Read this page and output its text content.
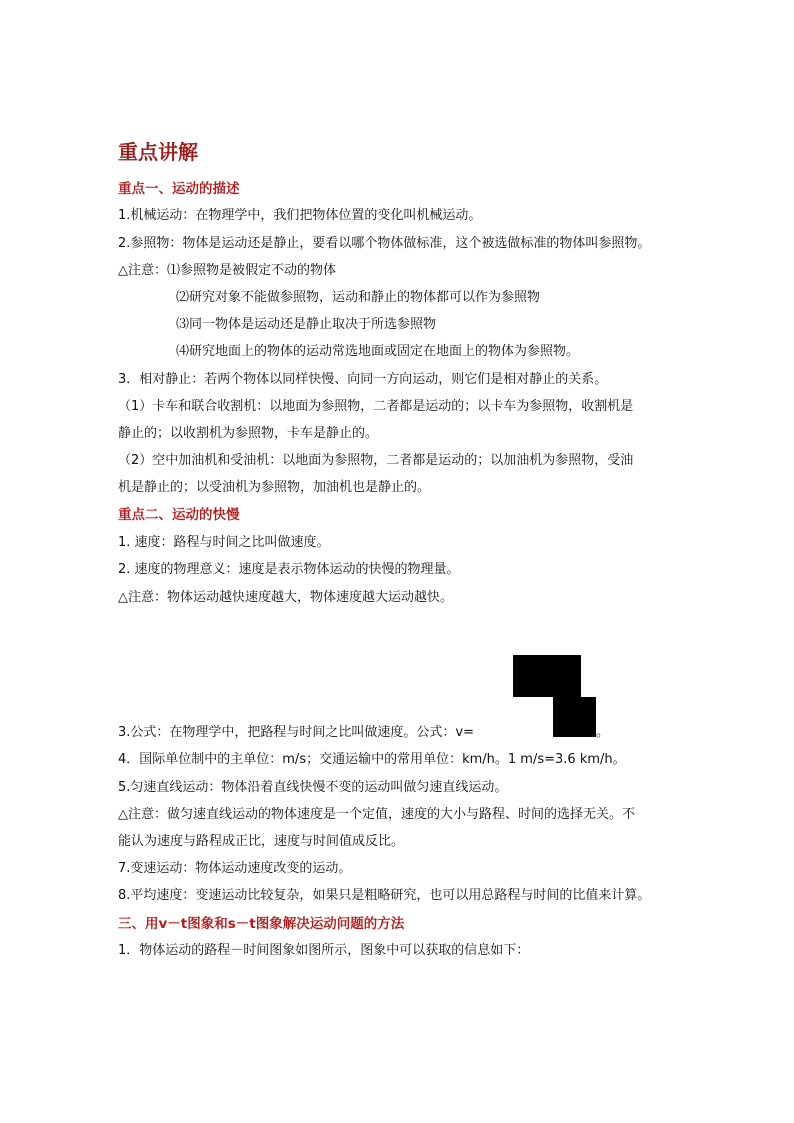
重点讲解
重点一、运动的描述
1.机械运动：在物理学中，我们把物体位置的变化叫机械运动。
2.参照物：物体是运动还是静止，要看以哪个物体做标准，这个被选做标准的物体叫参照物。
△注意：⑴参照物是被假定不动的物体
⑵研究对象不能做参照物，运动和静止的物体都可以作为参照物
⑶同一物体是运动还是静止取决于所选参照物
⑷研究地面上的物体的运动常选地面或固定在地面上的物体为参照物。
3．相对静止：若两个物体以同样快慢、向同一方向运动，则它们是相对静止的关系。
（1）卡车和联合收割机：以地面为参照物，二者都是运动的；以卡车为参照物，收割机是
静止的；以收割机为参照物，卡车是静止的。
（2）空中加油机和受油机：以地面为参照物，二者都是运动的；以加油机为参照物，受油
机是静止的；以受油机为参照物，加油机也是静止的。
重点二、运动的快慢
1. 速度：路程与时间之比叫做速度。
2. 速度的物理意义：速度是表示物体运动的快慢的物理量。
△注意：物体运动越快速度越大，物体速度越大运动越快。
3.公式：在物理学中，把路程与时间之比叫做速度。公式：v=	。
4．国际单位制中的主单位：m/s；交通运输中的常用单位：km/h。1 m/s=3.6 km/h。
5.匀速直线运动：物体沿着直线快慢不变的运动叫做匀速直线运动。
△注意：做匀速直线运动的物体速度是一个定值，速度的大小与路程、时间的选择无关。不
能认为速度与路程成正比，速度与时间值成反比。
7.变速运动：物体运动速度改变的运动。
8.平均速度：变速运动比较复杂，如果只是粗略研究，也可以用总路程与时间的比值来计算。
三、用v－t图象和s－t图象解决运动问题的方法
1．物体运动的路程－时间图象如图所示，图象中可以获取的信息如下：
